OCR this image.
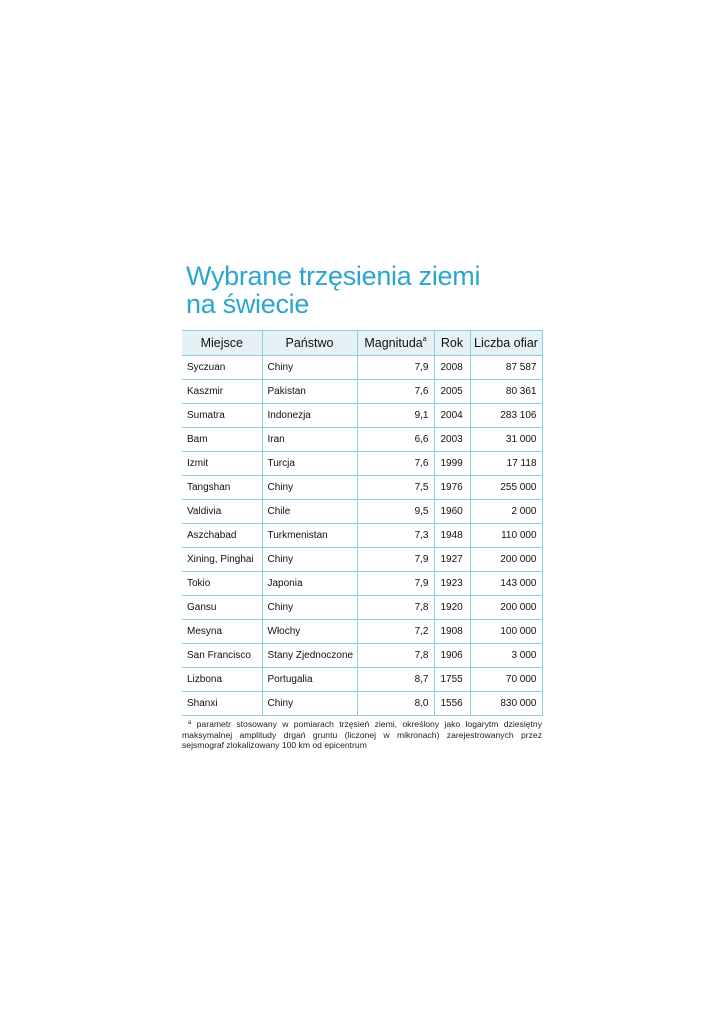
Wybrane trzęsienia ziemi
na świecie
Miejsce	Państwo	Magnituda$^a$	Rok	Liczba ofiar
Syczuan	Chiny	7,9	2008	87 587
Kaszmir	Pakistan	7,6	2005	80 361
Sumatra	Indonezja	9,1	2004	283 106
Bam	Iran	6,6	2003	31 000
Izmit	Turcja	7,6	1999	17 118
Tangshan	Chiny	7,5	1976	255 000
Valdivia	Chile	9,5	1960	2 000
Aszchabad	Turkmenistan	7,3	1948	110 000
Xining, Pinghai	Chiny	7,9	1927	200 000
Tokio	Japonia	7,9	1923	143 000
Gansu	Chiny	7,8	1920	200 000
Mesyna	Włochy	7,2	1908	100 000
San Francisco	Stany Zjednoczone	7,8	1906	3 000
Lizbona	Portugalia	8,7	1755	70 000
Shanxi	Chiny	8,0	1556	830 000

$^a$ parametr stosowany w pomiarach trzęsień ziemi, określony jako logarytm dziesiętny maksymalnej amplitudy drgań gruntu (liczonej w mikronach) zarejestrowanych przez sejsmograf zlokalizowany 100 km od epicentrum
